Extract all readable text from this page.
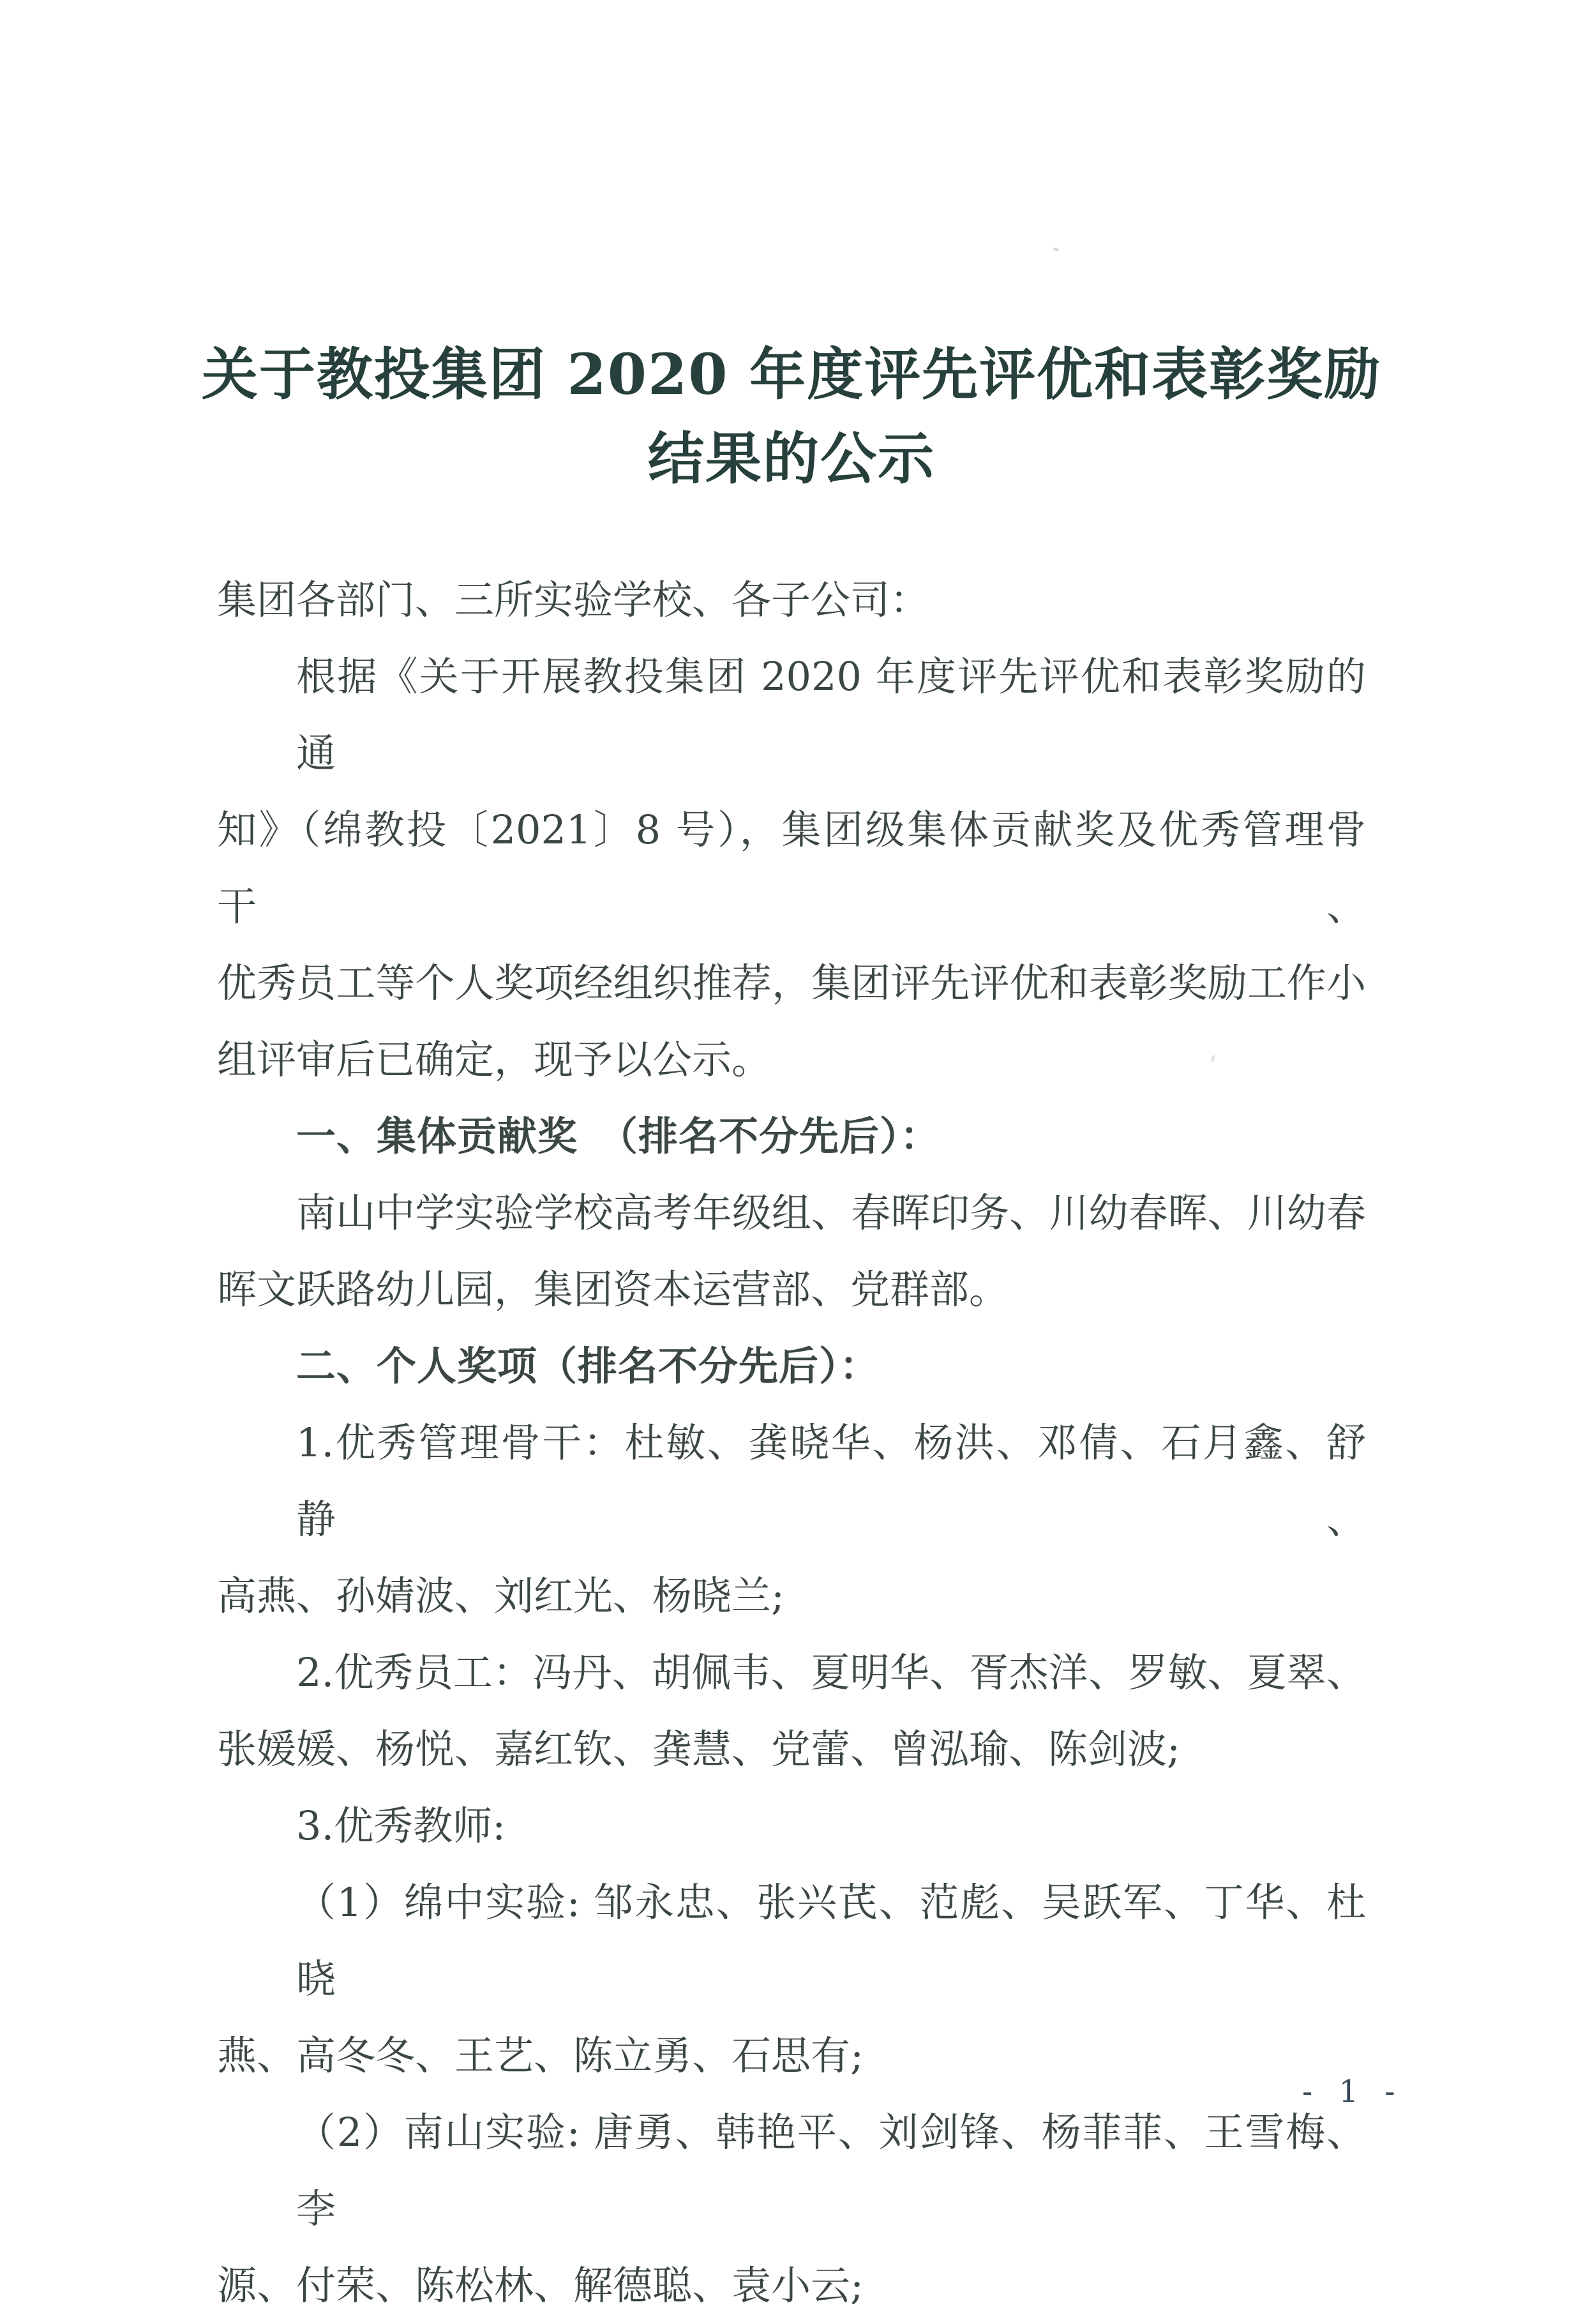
关于教投集团 2020 年度评先评优和表彰奖励
结果的公示
集团各部门、三所实验学校、各子公司：
根据《关于开展教投集团 2020 年度评先评优和表彰奖励的通
知》（绵教投〔2021〕8 号），集团级集体贡献奖及优秀管理骨干、
优秀员工等个人奖项经组织推荐，集团评先评优和表彰奖励工作小
组评审后已确定，现予以公示。
一、集体贡献奖　（排名不分先后）：
南山中学实验学校高考年级组、春晖印务、川幼春晖、川幼春
晖文跃路幼儿园，集团资本运营部、党群部。
二、个人奖项（排名不分先后）：
1.优秀管理骨干：杜敏、龚晓华、杨洪、邓倩、石月鑫、舒静、
高燕、孙婧波、刘红光、杨晓兰;
2.优秀员工：冯丹、胡佩韦、夏明华、胥杰洋、罗敏、夏翠、
张媛媛、杨悦、嘉红钦、龚慧、党蕾、曾泓瑜、陈剑波;
3.优秀教师:
（1）绵中实验: 邹永忠、张兴芪、范彪、吴跃军、丁华、杜晓
燕、高冬冬、王艺、陈立勇、石思有;
（2）南山实验: 唐勇、韩艳平、刘剑锋、杨菲菲、王雪梅、李
源、付荣、陈松林、解德聪、袁小云;
- 1 -
